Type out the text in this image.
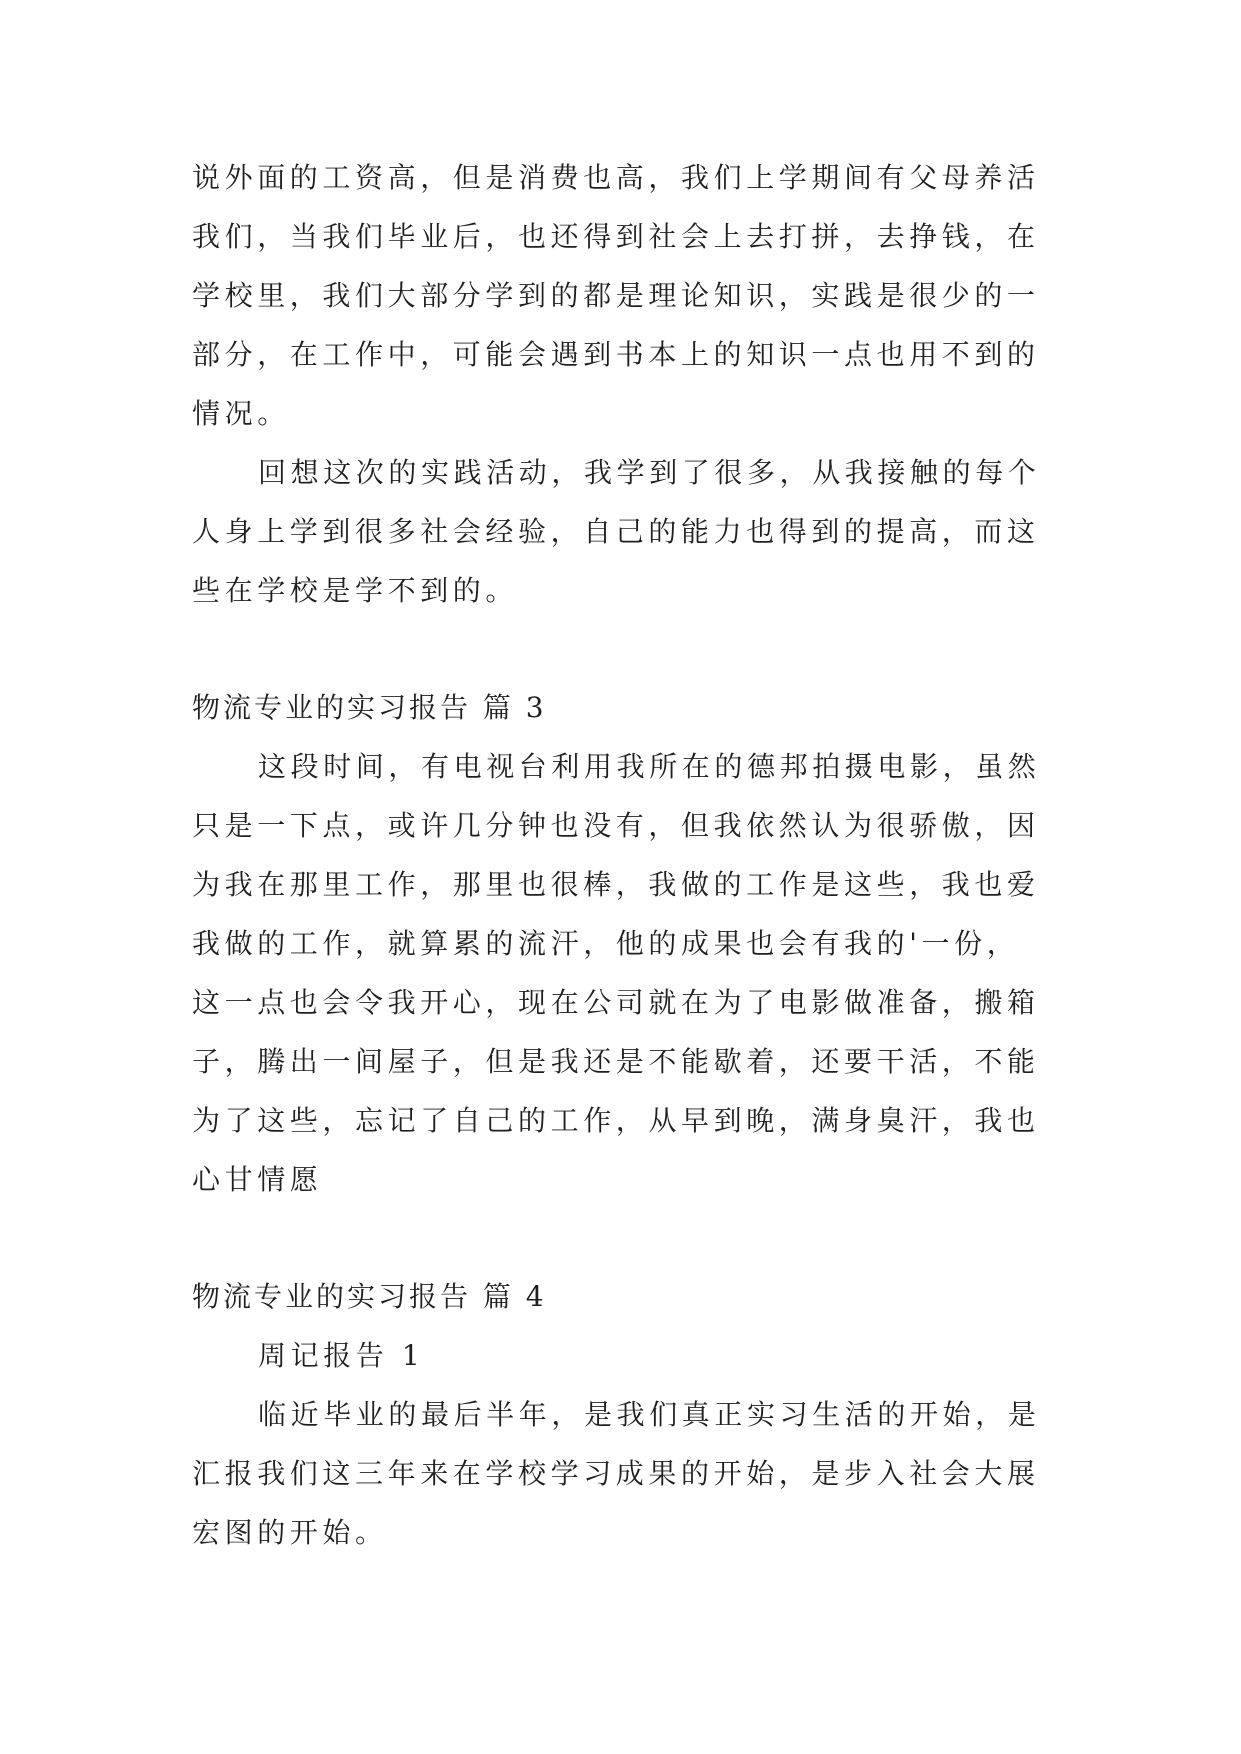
说外面的工资高，但是消费也高，我们上学期间有父母养活
我们，当我们毕业后，也还得到社会上去打拼，去挣钱，在
学校里，我们大部分学到的都是理论知识，实践是很少的一
部分，在工作中，可能会遇到书本上的知识一点也用不到的
情况。
回想这次的实践活动，我学到了很多，从我接触的每个
人身上学到很多社会经验，自己的能力也得到的提高，而这
些在学校是学不到的。
物流专业的实习报告 篇 3
这段时间，有电视台利用我所在的德邦拍摄电影，虽然
只是一下点，或许几分钟也没有，但我依然认为很骄傲，因
为我在那里工作，那里也很棒，我做的工作是这些，我也爱
我做的工作，就算累的流汗，他的成果也会有我的'一份，
这一点也会令我开心，现在公司就在为了电影做准备，搬箱
子，腾出一间屋子，但是我还是不能歇着，还要干活，不能
为了这些，忘记了自己的工作，从早到晚，满身臭汗，我也
心甘情愿
物流专业的实习报告 篇 4
周记报告 1
临近毕业的最后半年，是我们真正实习生活的开始，是
汇报我们这三年来在学校学习成果的开始，是步入社会大展
宏图的开始。
